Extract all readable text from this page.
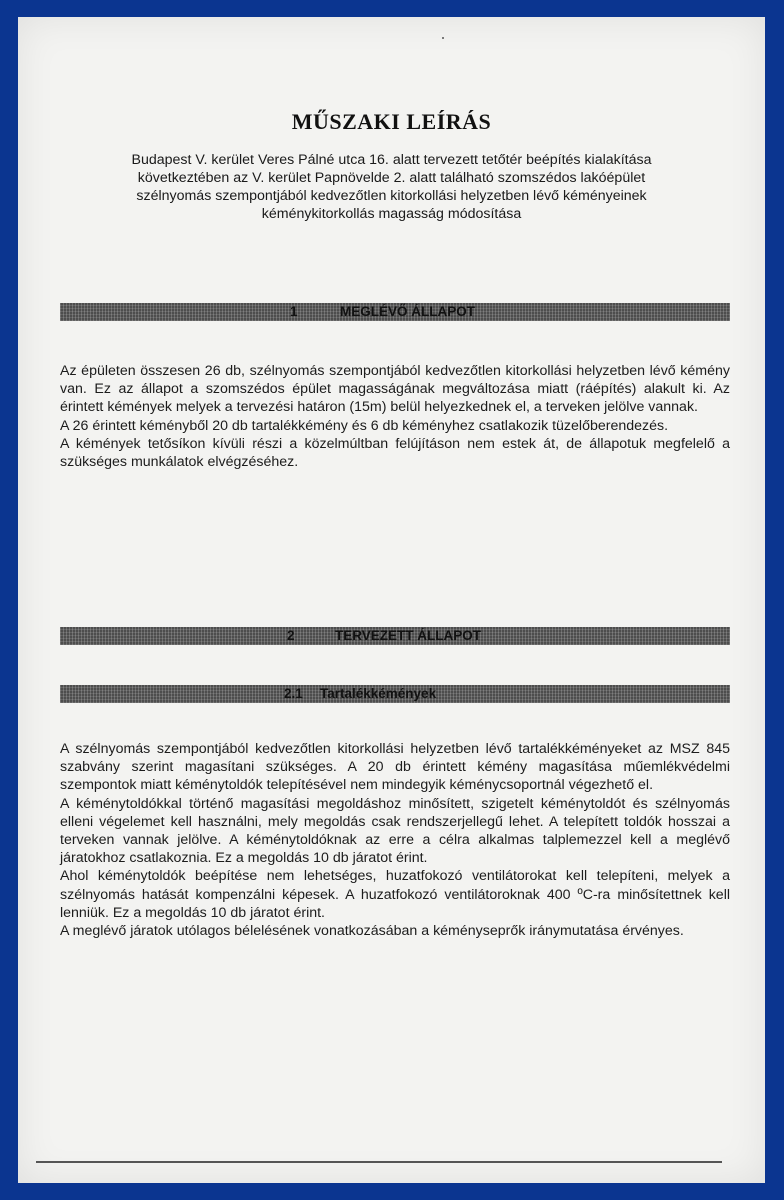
MŰSZAKI LEÍRÁS
Budapest V. kerület Veres Pálné utca 16. alatt tervezett tetőtér beépítés kialakítása
következtében az V. kerület Papnövelde 2. alatt található szomszédos lakóépület
szélnyomás szempontjából kedvezőtlen kitorkollási helyzetben lévő kéményeinek
kéménykitorkollás magasság módosítása
1	MEGLÉVŐ ÁLLAPOT

Az épületen összesen 26 db, szélnyomás szempontjából kedvezőtlen kitorkollási helyzetben lévő kémény van. Ez az állapot a szomszédos épület magasságának megváltozása miatt (ráépítés) alakult ki. Az érintett kémények melyek a tervezési határon (15m) belül helyezkednek el, a terveken jelölve vannak.

A 26 érintett kéményből 20 db tartalékkémény és 6 db kéményhez csatlakozik tüzelőberendezés.

A kémények tetősíkon kívüli részi a közelmúltban felújításon nem estek át, de állapotuk megfelelő a szükséges munkálatok elvégzéséhez.

2	TERVEZETT ÁLLAPOT
2.1 Tartalékkémények

A szélnyomás szempontjából kedvezőtlen kitorkollási helyzetben lévő tartalékkéményeket az MSZ 845 szabvány szerint magasítani szükséges. A 20 db érintett kémény magasítása műemlékvédelmi szempontok miatt kéménytoldók telepítésével nem mindegyik kéménycsoportnál végezhető el.

A kéménytoldókkal történő magasítási megoldáshoz minősített, szigetelt kéménytoldót és szélnyomás elleni végelemet kell használni, mely megoldás csak rendszerjellegű lehet. A telepített toldók hosszai a terveken vannak jelölve. A kéménytoldóknak az erre a célra alkalmas talplemezzel kell a meglévő járatokhoz csatlakoznia. Ez a megoldás 10 db járatot érint.

Ahol kéménytoldók beépítése nem lehetséges, huzatfokozó ventilátorokat kell telepíteni, melyek a szélnyomás hatását kompenzálni képesek. A huzatfokozó ventilátoroknak 400 ºC-ra minősítettnek kell lenniük. Ez a megoldás 10 db járatot érint.

A meglévő járatok utólagos bélelésének vonatkozásában a kéményseprők iránymutatása érvényes.
